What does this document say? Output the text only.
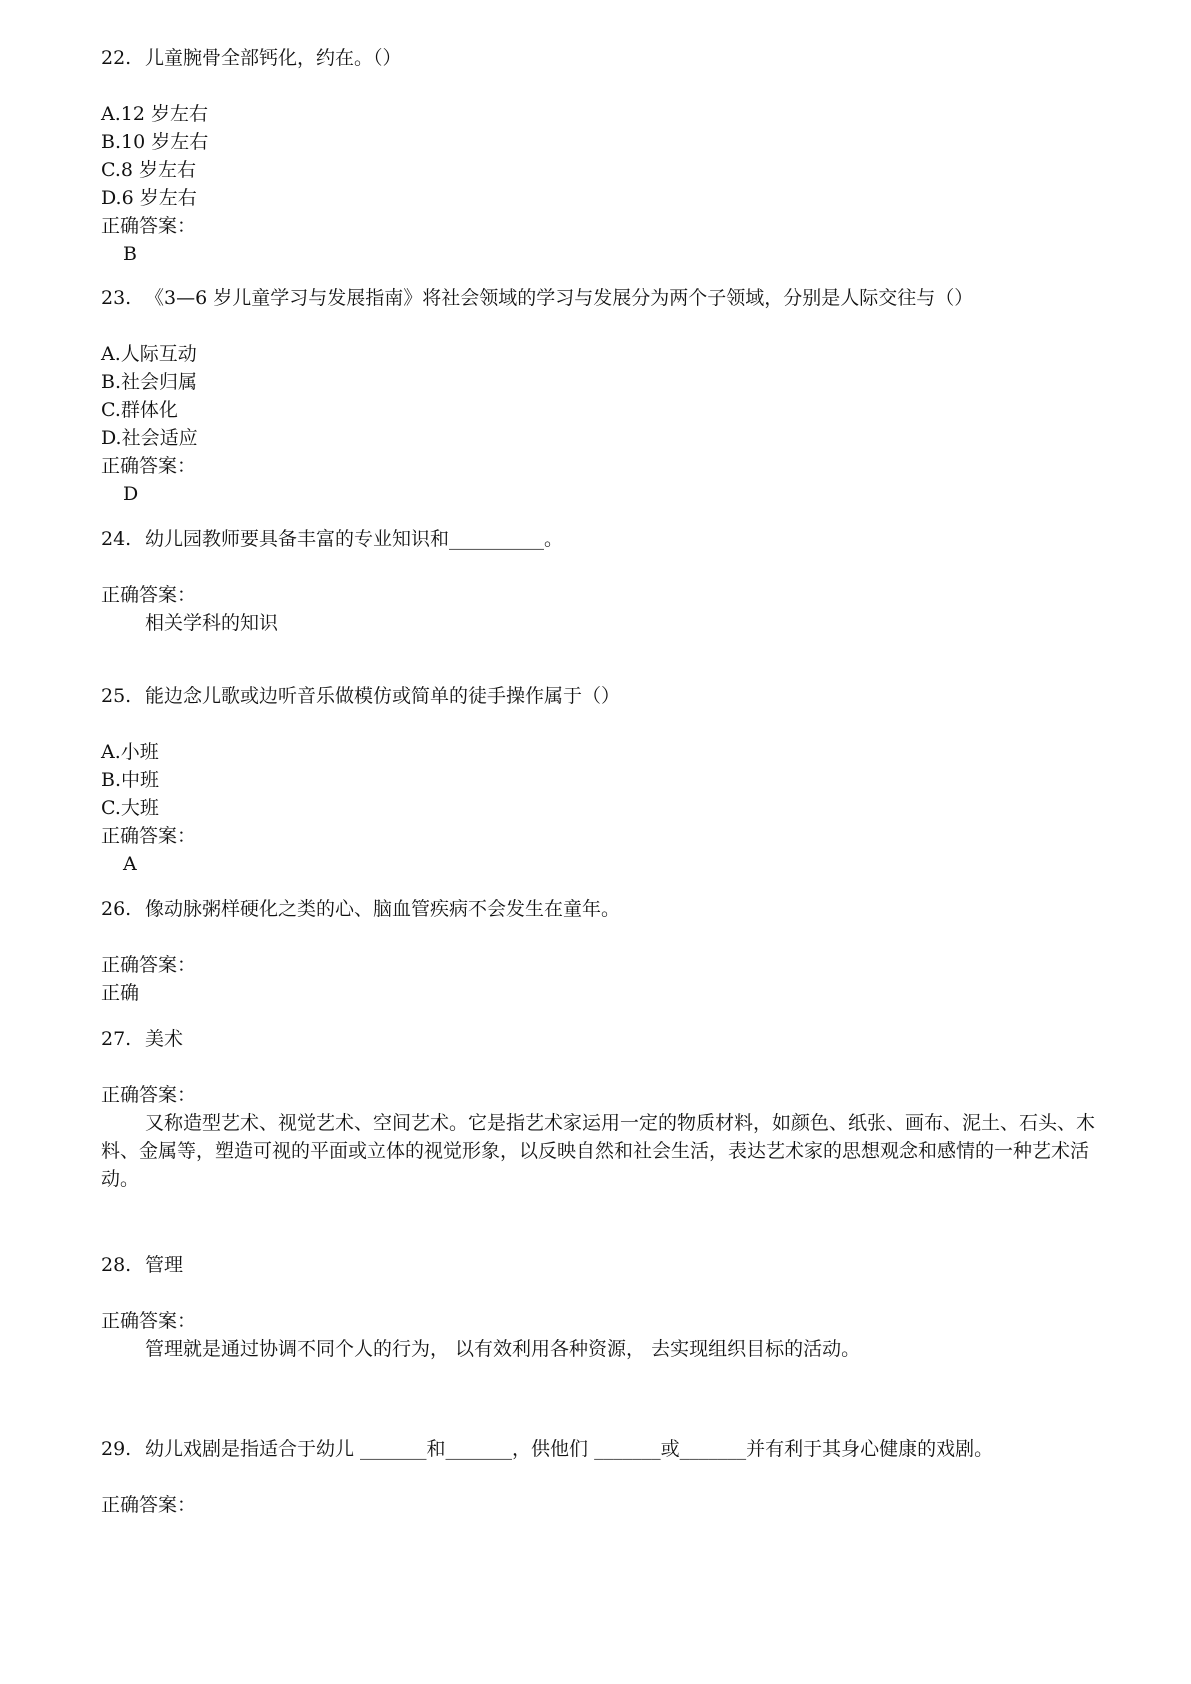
22. 儿童腕骨全部钙化，约在。（）
A.12 岁左右
B.10 岁左右
C.8 岁左右
D.6 岁左右
正确答案：
B
23. 《3—6 岁儿童学习与发展指南》将社会领域的学习与发展分为两个子领域，分别是人际交往与（）
A.人际互动
B.社会归属
C.群体化
D.社会适应
正确答案：
D
24. 幼儿园教师要具备丰富的专业知识和__________。
正确答案：
相关学科的知识
25. 能边念儿歌或边听音乐做模仿或简单的徒手操作属于（）
A.小班
B.中班
C.大班
正确答案：
A
26. 像动脉粥样硬化之类的心、脑血管疾病不会发生在童年。
正确答案：
正确
27. 美术
正确答案：
又称造型艺术、视觉艺术、空间艺术。它是指艺术家运用一定的物质材料，如颜色、纸张、画布、泥土、石头、木料、金属等，塑造可视的平面或立体的视觉形象，以反映自然和社会生活，表达艺术家的思想观念和感情的一种艺术活动。
28. 管理
正确答案：
管理就是通过协调不同个人的行为， 以有效利用各种资源， 去实现组织目标的活动。
29. 幼儿戏剧是指适合于幼儿 _______和_______，供他们 _______或_______并有利于其身心健康的戏剧。
正确答案：
